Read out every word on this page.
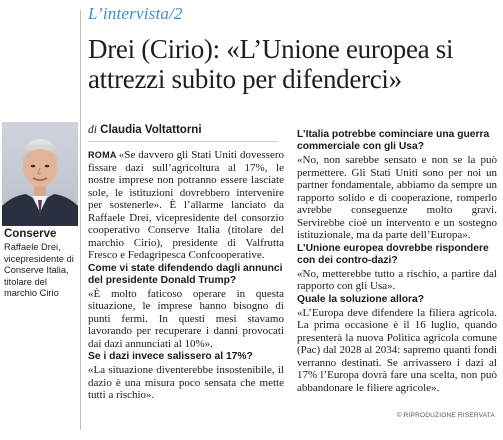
L’intervista/2
Drei (Cirio): «L’Unione europea si attrezzi subito per difenderci»
di Claudia Voltattorni
Conserve
Raffaele Drei, vicepresidente di Conserve Italia, titolare del marchio Cirio

ROMA «Se davvero gli Stati Uniti dovessero fissare dazi sull’agricoltura al 17%, le nostre imprese non potranno essere lasciate sole, le istituzioni dovrebbero intervenire per sostenerle». È l’allarme lanciato da Raffaele Drei, vicepresidente del consorzio cooperativo Conserve Italia (titolare del marchio Cirio), presidente di Valfrutta Fresco e Fedagripesca Confcooperative.

Come vi state difendendo dagli annunci del presidente Donald Trump?

«È molto faticoso operare in questa situazione, le imprese hanno bisogno di punti fermi. In questi mesi stavamo lavorando per recuperare i danni provocati dai dazi annunciati al 10%».

Se i dazi invece salissero al 17%?

«La situazione diventerebbe insostenibile, il dazio è una misura poco sensata che mette tutti a rischio».

L’Italia potrebbe cominciare una guerra commerciale con gli Usa?

«No, non sarebbe sensato e non se la può permettere. Gli Stati Uniti sono per noi un partner fondamentale, abbiamo da sempre un rapporto solido e di cooperazione, romperlo avrebbe conseguenze molto gravi. Servirebbe cioè un intervento e un sostegno istituzionale, ma da parte dell’Europa».

L’Unione europea dovrebbe rispondere con dei contro-dazi?

«No, metterebbe tutto a rischio, a partire dal rapporto con gli Usa».

Quale la soluzione allora?

«L’Europa deve difendere la filiera agricola. La prima occasione è il 16 luglio, quando presenterà la nuova Politica agricola comune (Pac) dal 2028 al 2034: sapremo quanti fondi verranno destinati. Se arrivassero i dazi al 17% l’Europa dovrà fare una scelta, non può abbandonare le filiere agricole».

© RIPRODUZIONE RISERVATA
